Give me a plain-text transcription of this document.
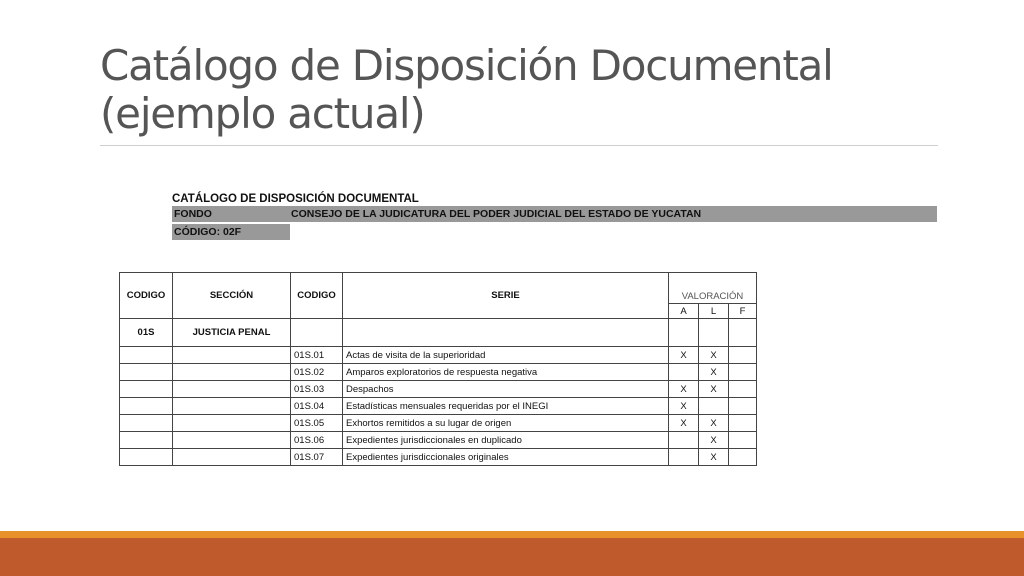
Catálogo de Disposición Documental (ejemplo actual)
CATÁLOGO DE DISPOSICIÓN DOCUMENTAL
FONDO	CONSEJO DE LA JUDICATURA DEL PODER JUDICIAL DEL ESTADO DE YUCATAN
CÓDIGO: 02F
CODIGO	SECCIÓN	CODIGO	SERIE	VALORACIÓN		
				A	L	F
01S	JUSTICIA PENAL					
		01S.01	Actas de visita de la superioridad	X	X	
		01S.02	Amparos exploratorios de respuesta negativa		X	
		01S.03	Despachos	X	X	
		01S.04	Estadísticas mensuales requeridas por el INEGI	X		
		01S.05	Exhortos remitidos a su lugar de origen	X	X	
		01S.06	Expedientes jurisdiccionales en duplicado		X	
		01S.07	Expedientes jurisdiccionales originales		X	
